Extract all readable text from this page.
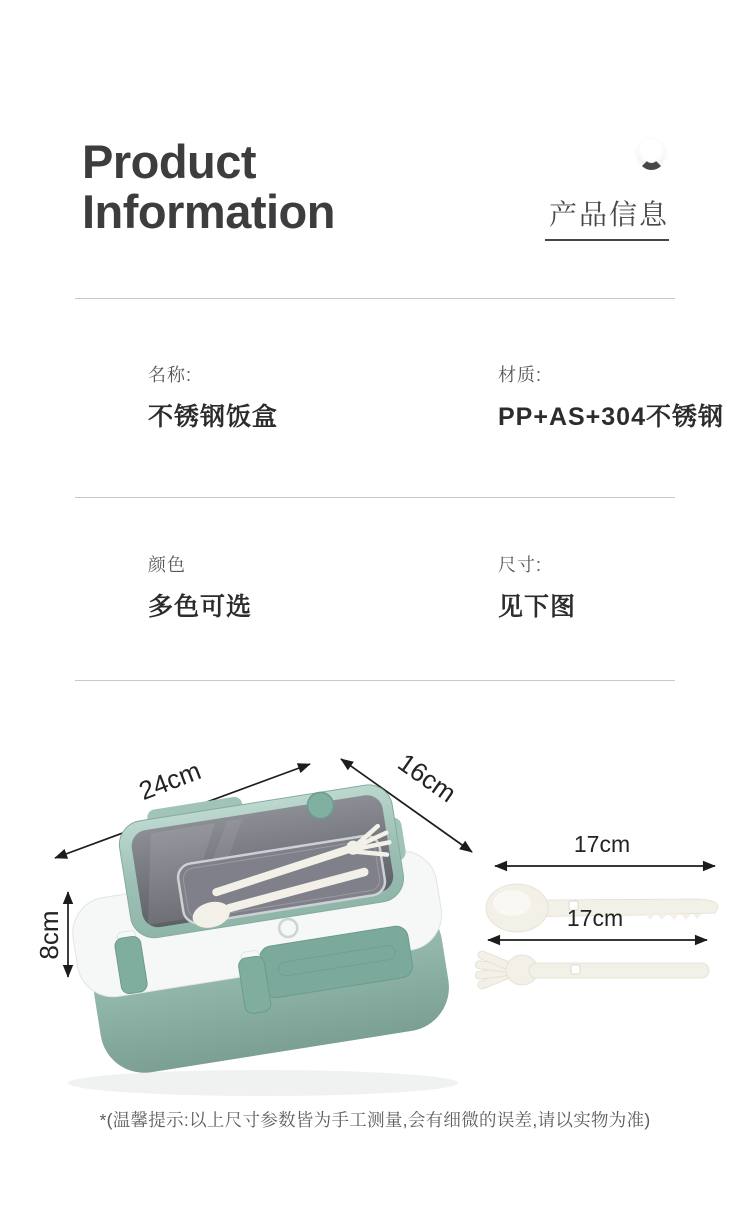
Product
Information	产品信息
名称:
不锈钢饭盒
材质:
PP+AS+304不锈钢
颜色
多色可选
尺寸:
见下图
24cm	16cm
8cm
17cm
17cm
*(温馨提示:以上尺寸参数皆为手工测量,会有细微的误差,请以实物为准)
